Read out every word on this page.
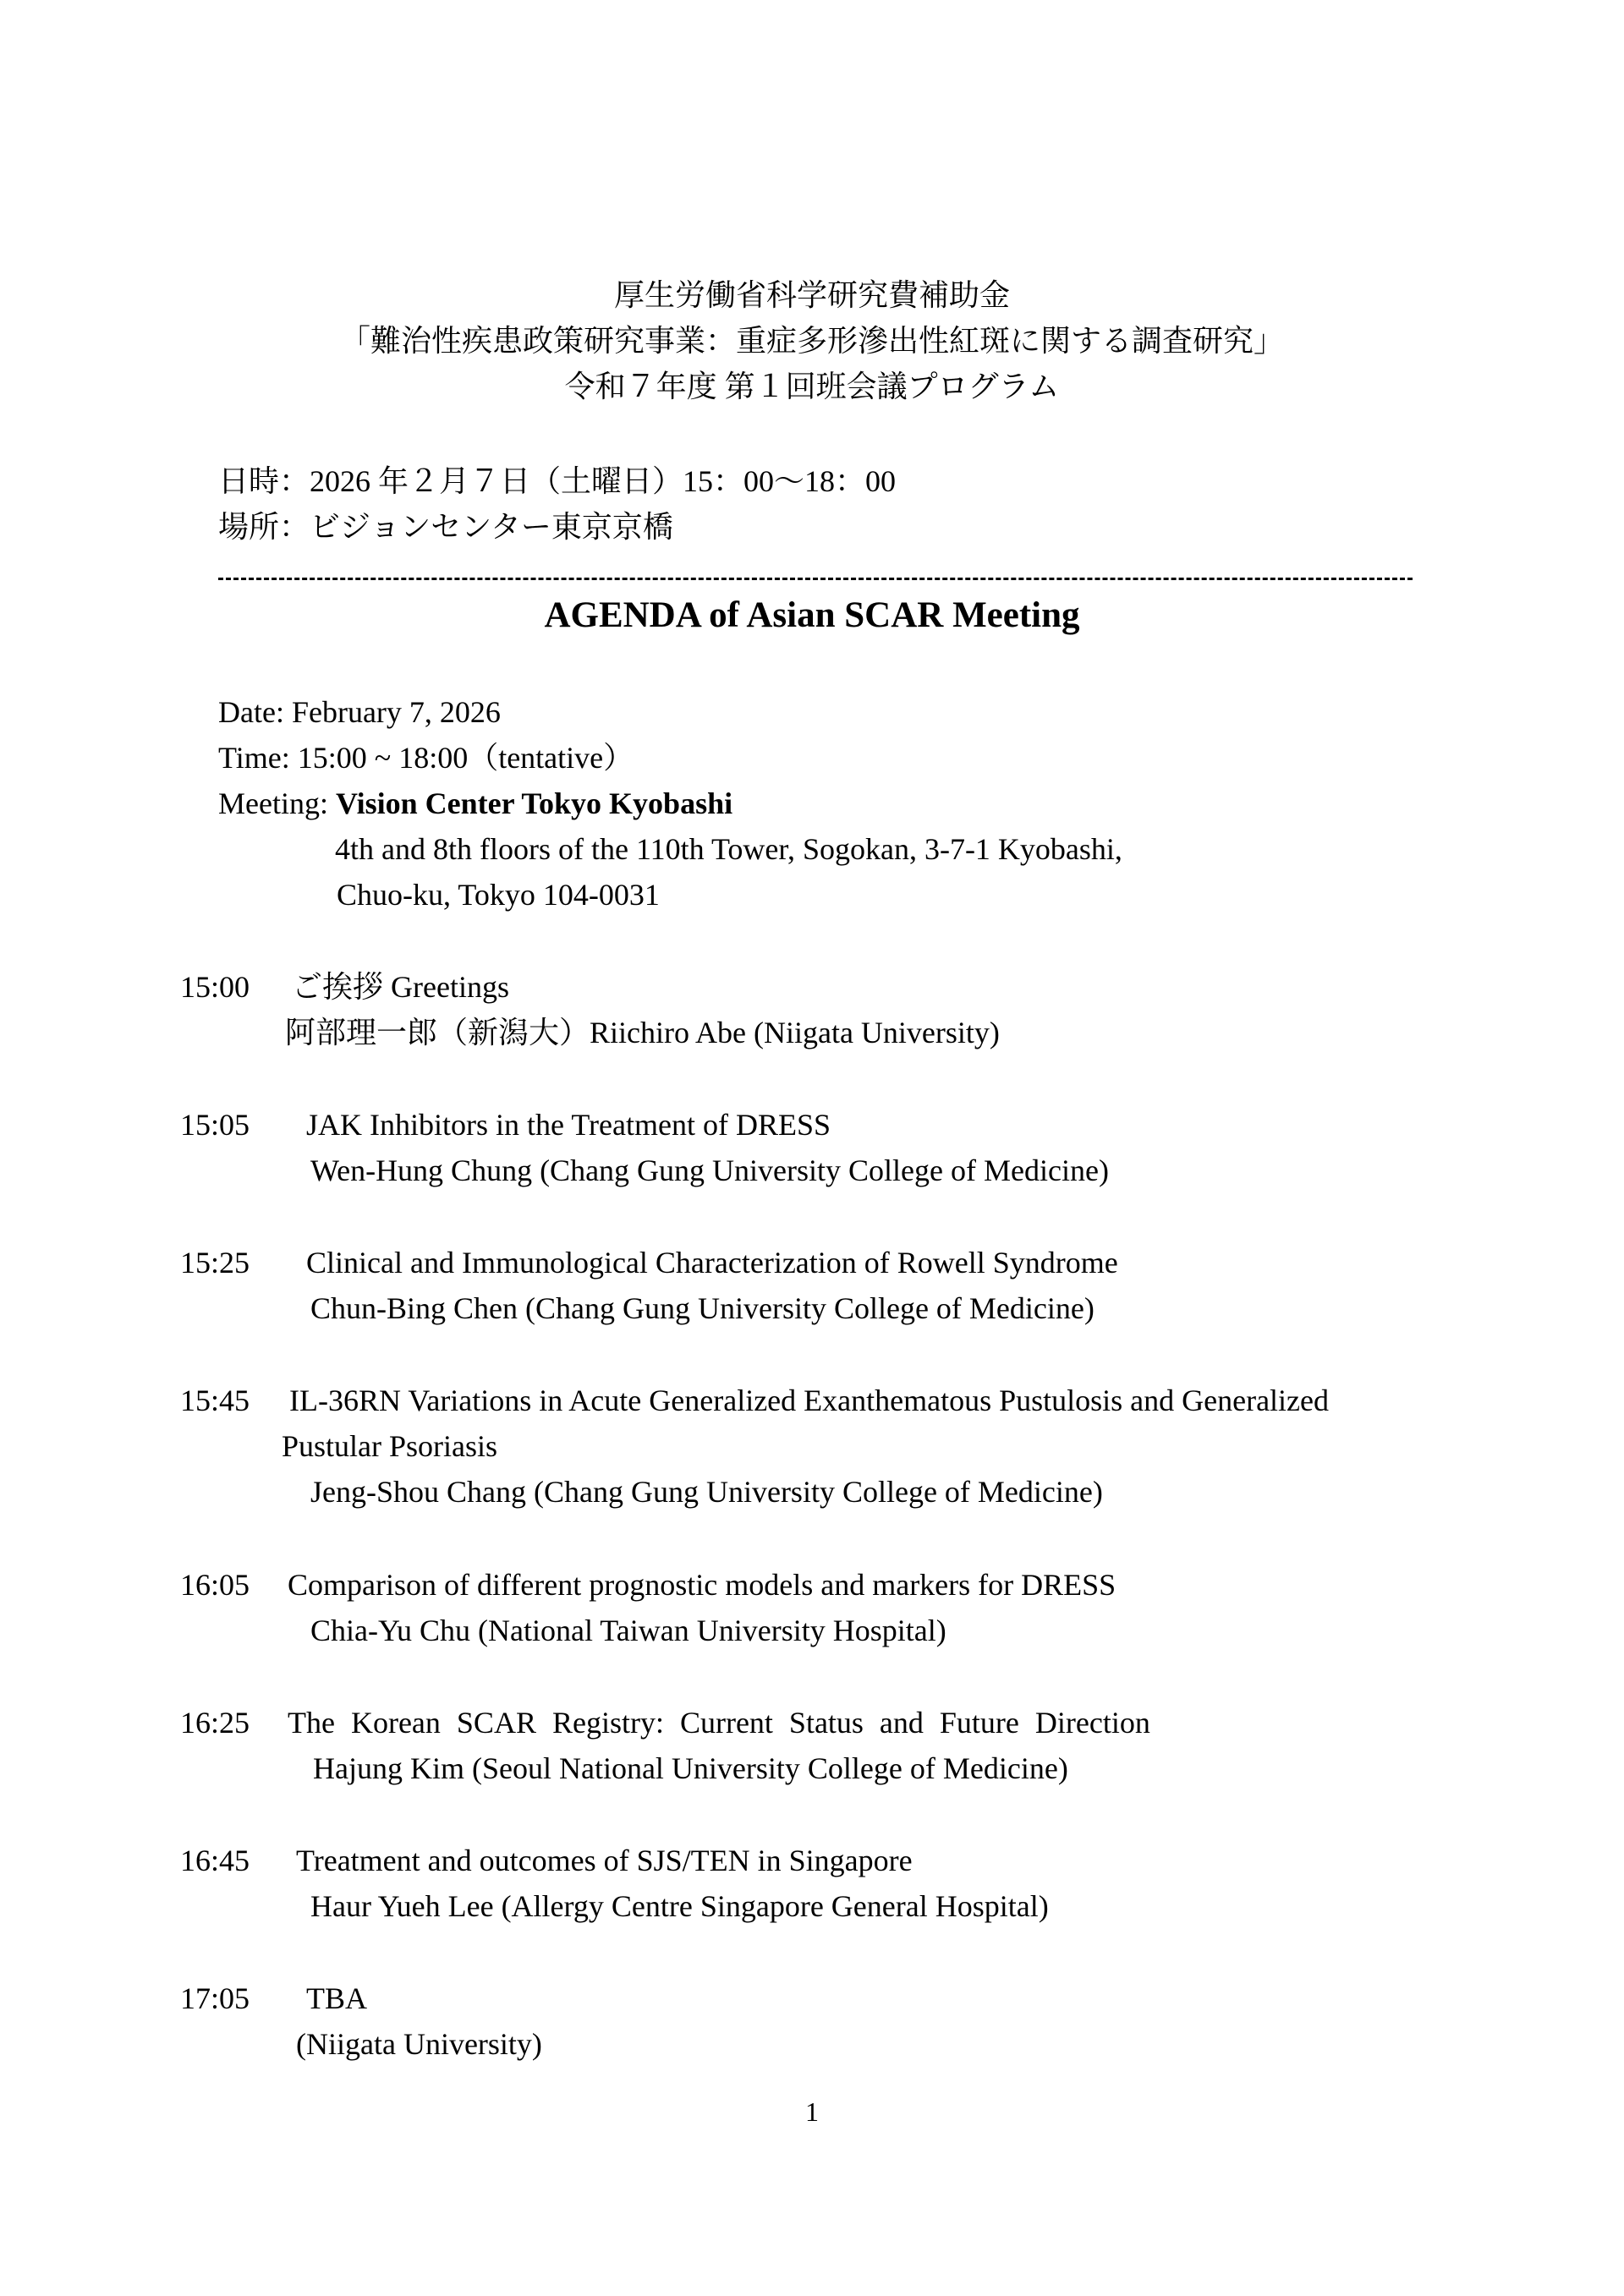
厚生労働省科学研究費補助金
「難治性疾患政策研究事業：重症多形滲出性紅斑に関する調査研究」
令和７年度 第１回班会議プログラム
日時：2026 年２月７日（土曜日）15：00〜18：00
場所：ビジョンセンター東京京橋
AGENDA of Asian SCAR Meeting
Date: February 7, 2026
Time: 15:00 ~ 18:00（tentative）
Meeting: Vision Center Tokyo Kyobashi
4th and 8th floors of the 110th Tower, Sogokan, 3-7-1 Kyobashi,
Chuo-ku, Tokyo 104-0031
15:00 ご挨拶 Greetings
阿部理一郎（新潟大）Riichiro Abe (Niigata University)
15:05 JAK Inhibitors in the Treatment of DRESS
Wen-Hung Chung (Chang Gung University College of Medicine)
15:25 Clinical and Immunological Characterization of Rowell Syndrome
Chun-Bing Chen (Chang Gung University College of Medicine)
15:45 IL-36RN Variations in Acute Generalized Exanthematous Pustulosis and Generalized
Pustular Psoriasis
Jeng-Shou Chang (Chang Gung University College of Medicine)
16:05 Comparison of different prognostic models and markers for DRESS
Chia-Yu Chu (National Taiwan University Hospital)
16:25 The Korean SCAR Registry: Current Status and Future Direction
Hajung Kim (Seoul National University College of Medicine)
16:45 Treatment and outcomes of SJS/TEN in Singapore
Haur Yueh Lee (Allergy Centre Singapore General Hospital)
17:05 TBA
(Niigata University)
1
